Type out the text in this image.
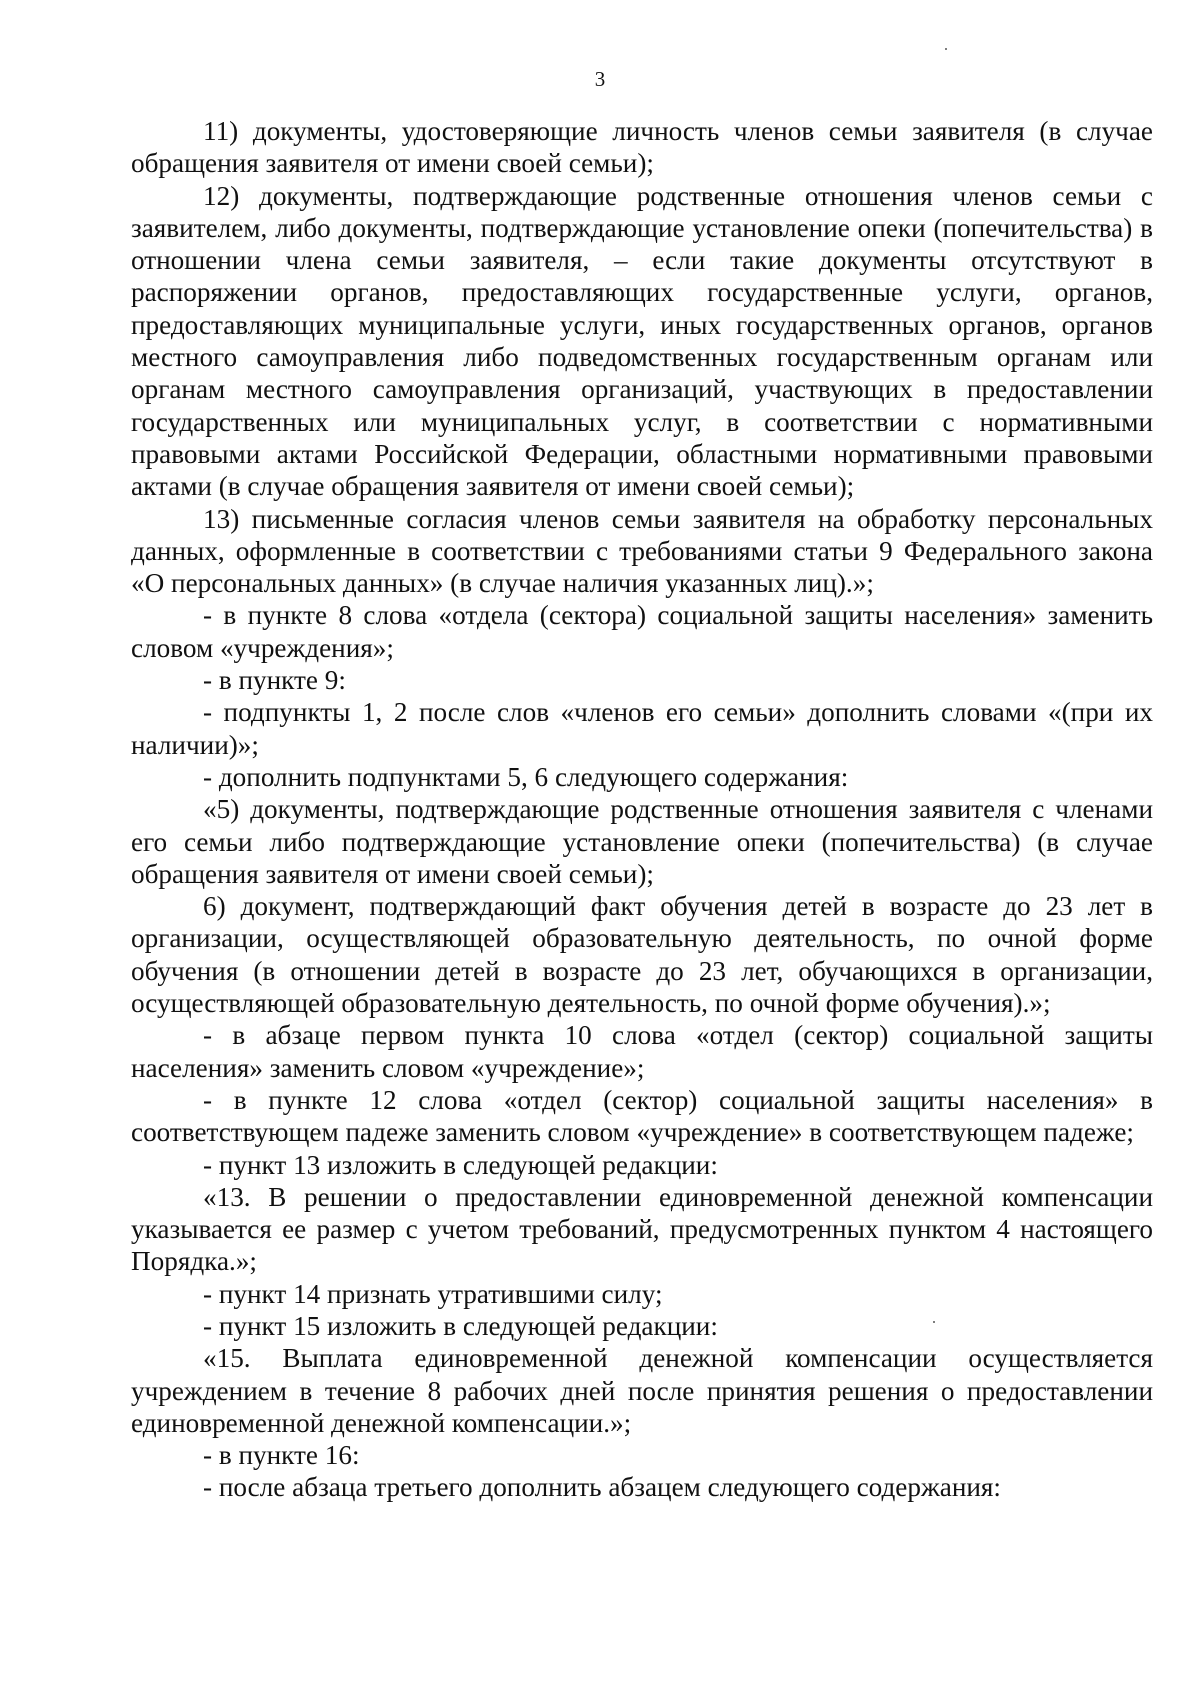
3

11) документы, удостоверяющие личность членов семьи заявителя (в случае обращения заявителя от имени своей семьи);

12) документы, подтверждающие родственные отношения членов семьи с заявителем, либо документы, подтверждающие установление опеки (попечительства) в отношении члена семьи заявителя, – если такие документы отсутствуют в распоряжении органов, предоставляющих государственные услуги, органов, предоставляющих муниципальные услуги, иных государственных органов, органов местного самоуправления либо подведомственных государственным органам или органам местного самоуправления организаций, участвующих в предоставлении государственных или муниципальных услуг, в соответствии с нормативными правовыми актами Российской Федерации, областными нормативными правовыми актами (в случае обращения заявителя от имени своей семьи);

13) письменные согласия членов семьи заявителя на обработку персональных данных, оформленные в соответствии с требованиями статьи 9 Федерального закона «О персональных данных» (в случае наличия указанных лиц).»;

- в пункте 8 слова «отдела (сектора) социальной защиты населения» заменить словом «учреждения»;

- в пункте 9:

- подпункты 1, 2 после слов «членов его семьи» дополнить словами «(при их наличии)»;

- дополнить подпунктами 5, 6 следующего содержания:

«5) документы, подтверждающие родственные отношения заявителя с членами его семьи либо подтверждающие установление опеки (попечительства) (в случае обращения заявителя от имени своей семьи);

6) документ, подтверждающий факт обучения детей в возрасте до 23 лет в организации, осуществляющей образовательную деятельность, по очной форме обучения (в отношении детей в возрасте до 23 лет, обучающихся в организации, осуществляющей образовательную деятельность, по очной форме обучения).»;

- в абзаце первом пункта 10 слова «отдел (сектор) социальной защиты населения» заменить словом «учреждение»;

- в пункте 12 слова «отдел (сектор) социальной защиты населения» в соответствующем падеже заменить словом «учреждение» в соответствующем падеже;

- пункт 13 изложить в следующей редакции:

«13. В решении о предоставлении единовременной денежной компенсации указывается ее размер с учетом требований, предусмотренных пунктом 4 настоящего Порядка.»;

- пункт 14 признать утратившими силу;

- пункт 15 изложить в следующей редакции:

«15. Выплата единовременной денежной компенсации осуществляется учреждением в течение 8 рабочих дней после принятия решения о предоставлении единовременной денежной компенсации.»;

- в пункте 16:

- после абзаца третьего дополнить абзацем следующего содержания:
